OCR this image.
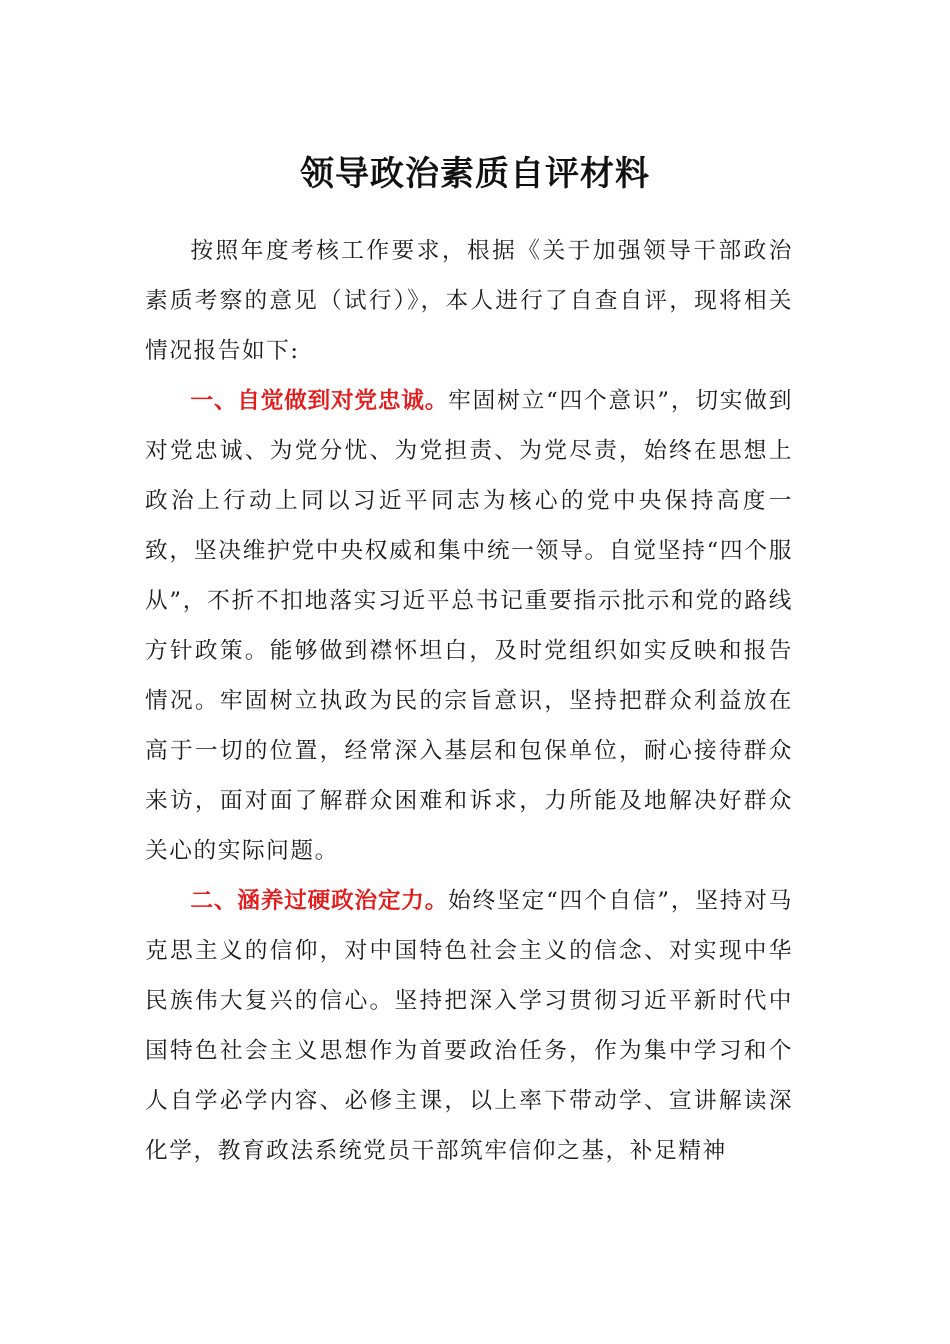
领导政治素质自评材料

按照年度考核工作要求，根据《关于加强领导干部政治素质考察的意见（试行）》，本人进行了自查自评，现将相关情况报告如下:

一、自觉做到对党忠诚。牢固树立“四个意识”，切实做到对党忠诚、为党分忧、为党担责、为党尽责，始终在思想上政治上行动上同以习近平同志为核心的党中央保持高度一致，坚决维护党中央权威和集中统一领导。自觉坚持“四个服从”，不折不扣地落实习近平总书记重要指示批示和党的路线方针政策。能够做到襟怀坦白，及时党组织如实反映和报告情况。牢固树立执政为民的宗旨意识，坚持把群众利益放在高于一切的位置，经常深入基层和包保单位，耐心接待群众来访，面对面了解群众困难和诉求，力所能及地解决好群众关心的实际问题。

二、涵养过硬政治定力。始终坚定“四个自信”，坚持对马克思主义的信仰，对中国特色社会主义的信念、对实现中华民族伟大复兴的信心。坚持把深入学习贯彻习近平新时代中国特色社会主义思想作为首要政治任务，作为集中学习和个人自学必学内容、必修主课，以上率下带动学、宣讲解读深化学，教育政法系统党员干部筑牢信仰之基，补足精神
